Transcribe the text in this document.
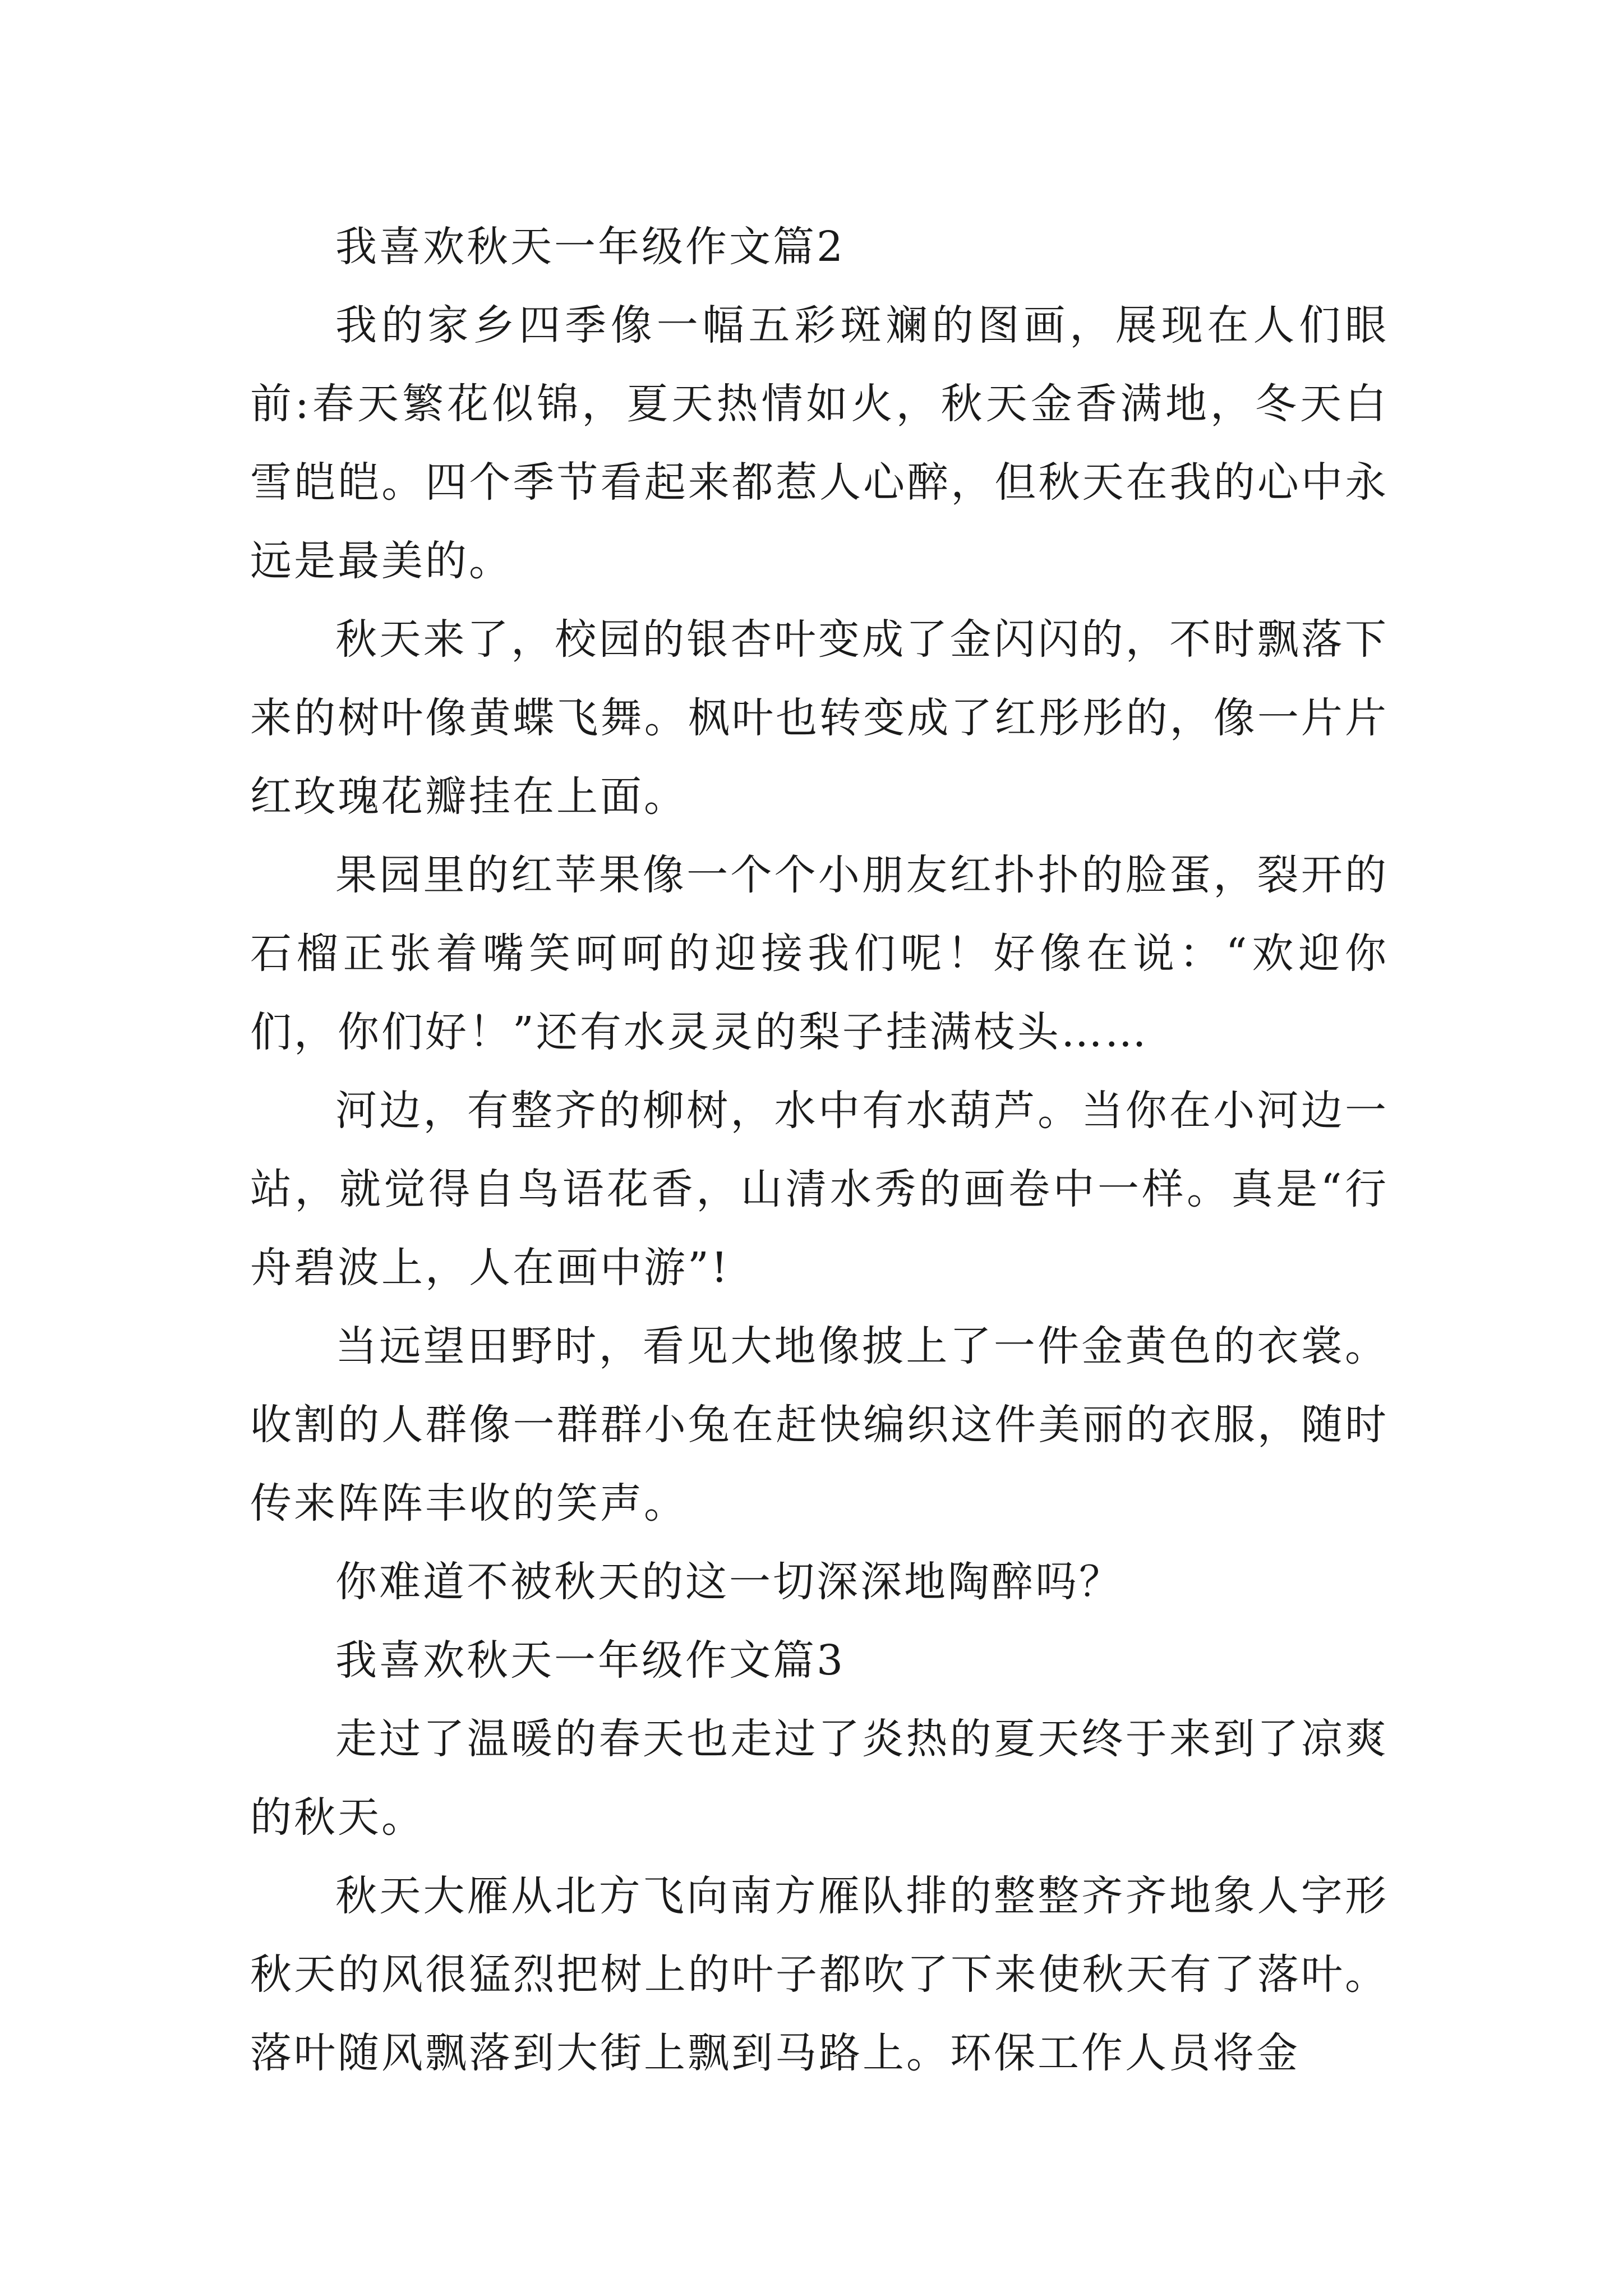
我喜欢秋天一年级作文篇2

我的家乡四季像一幅五彩斑斓的图画，展现在人们眼前:春天繁花似锦，夏天热情如火，秋天金香满地，冬天白雪皑皑。四个季节看起来都惹人心醉，但秋天在我的心中永远是最美的。

秋天来了，校园的银杏叶变成了金闪闪的，不时飘落下来的树叶像黄蝶飞舞。枫叶也转变成了红彤彤的，像一片片红玫瑰花瓣挂在上面。

果园里的红苹果像一个个小朋友红扑扑的脸蛋，裂开的石榴正张着嘴笑呵呵的迎接我们呢！好像在说：“欢迎你们，你们好！”还有水灵灵的梨子挂满枝头……

河边，有整齐的柳树，水中有水葫芦。当你在小河边一站，就觉得自鸟语花香，山清水秀的画卷中一样。真是“行舟碧波上，人在画中游”!

当远望田野时，看见大地像披上了一件金黄色的衣裳。收割的人群像一群群小兔在赶快编织这件美丽的衣服，随时传来阵阵丰收的笑声。

你难道不被秋天的这一切深深地陶醉吗？

我喜欢秋天一年级作文篇3

走过了温暖的春天也走过了炎热的夏天终于来到了凉爽的秋天。

秋天大雁从北方飞向南方雁队排的整整齐齐地象人字形秋天的风很猛烈把树上的叶子都吹了下来使秋天有了落叶。落叶随风飘落到大街上飘到马路上。环保工作人员将金
